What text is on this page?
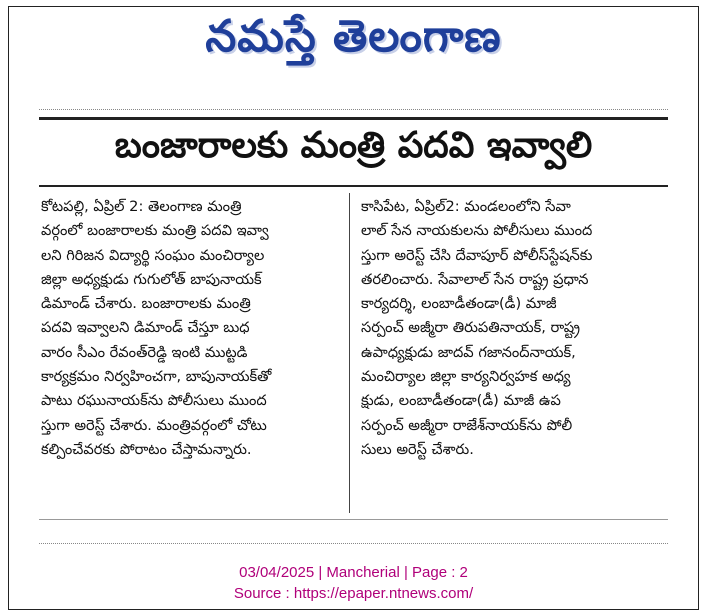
నమస్తే తెలంగాణ
బంజారాలకు మంత్రి పదవి ఇవ్వాలి
కోటపల్లి, ఏప్రిల్ 2: తెలంగాణ మంత్రి
వర్గంలో బంజారాలకు మంత్రి పదవి ఇవ్వా
లని గిరిజన విద్యార్థి సంఘం మంచిర్యాల
జిల్లా అధ్యక్షుడు గుగులోత్ బాపునాయక్
డిమాండ్ చేశారు. బంజారాలకు మంత్రి
పదవి ఇవ్వాలని డిమాండ్ చేస్తూ బుధ
వారం సీఎం రేవంత్‌రెడ్డి ఇంటి ముట్టడి
కార్యక్రమం నిర్వహించగా, బాపునాయక్‌తో
పాటు రఘునాయక్‌ను పోలీసులు ముంద
స్తుగా అరెస్ట్ చేశారు. మంత్రివర్గంలో చోటు
కల్పించేవరకు పోరాటం చేస్తామన్నారు.
కాసిపేట, ఏప్రిల్2: మండలంలోని సేవా
లాల్ సేన నాయకులను పోలీసులు ముంద
స్తుగా అరెస్ట్ చేసి దేవాపూర్ పోలీస్‌స్టేషన్‌కు
తరలించారు. సేవాలాల్ సేన రాష్ట్ర ప్రధాన
కార్యదర్శి, లంబాడీతండా(డీ) మాజీ
సర్పంచ్ అజ్మీరా తిరుపతినాయక్, రాష్ట్ర
ఉపాధ్యక్షుడు జాదవ్ గజానంద్‌నాయక్,
మంచిర్యాల జిల్లా కార్యనిర్వహక అధ్య
క్షుడు, లంబాడీతండా(డీ) మాజీ ఉప
సర్పంచ్ అజ్మీరా రాజేశ్‌నాయక్‌ను పోలీ
సులు అరెస్ట్ చేశారు.
03/04/2025 | Mancherial | Page : 2
Source : https://epaper.ntnews.com/
